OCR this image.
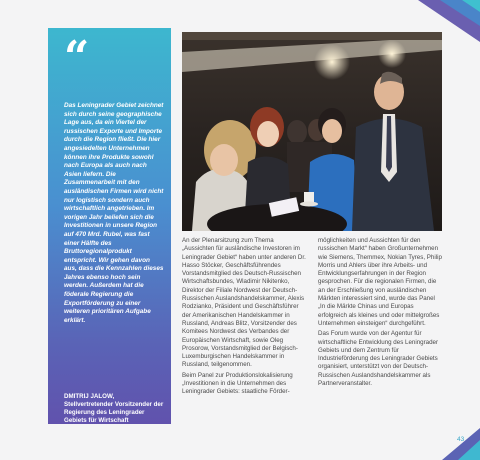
“
Das Leningrader Gebiet zeichnet sich durch seine geographische Lage aus, da ein Viertel der russischen Exporte und Importe durch die Region fließt. Die hier angesiedelten Unternehmen können ihre Produkte sowohl nach Europa als auch nach Asien liefern. Die Zusammenarbeit mit den ausländischen Firmen wird nicht nur logistisch sondern auch wirtschaftlich angetrieben. Im vorigen Jahr beliefen sich die Investitionen in unsere Region auf 470 Mrd. Rubel, was fast einer Hälfte des Bruttoregionalprodukt entspricht. Wir gehen davon aus, dass die Kennzahlen dieses Jahres ebenso hoch sein werden. Außerdem hat die föderale Regierung die Exportförderung zu einer weiteren prioritären Aufgabe erklärt.
DMITRIJ JALOW,
Stellvertretender Vorsitzender der Regierung des Leningrader Gebiets für Wirtschaft

An der Plenarsitzung zum Thema „Aussichten für ausländische Investoren im Leningrader Gebiet“ haben unter anderen Dr. Hasso Stöcker, Geschäftsführendes Vorstandsmitglied des Deutsch-Russischen Wirtschaftsbundes, Wladimir Nikitenko, Direktor der Filiale Nordwest der Deutsch-Russischen Auslandshandelskammer, Alexis Rodzianko, Präsident und Geschäftsführer der Amerikanischen Handelskammer in Russland, Andreas Blitz, Vorsitzender des Komitees Nordwest des Verbandes der Europäischen Wirtschaft, sowie Oleg Prosorow, Vorstandsmitglied der Belgisch-Luxemburgischen Handelskammer in Russland, teilgenommen.

Beim Panel zur Produktionslokalisierung „Investitionen in die Unternehmen des Leningrader Gebiets: staatliche Förder-

möglichkeiten und Aussichten für den russischen Markt“ haben Großunternehmen wie Siemens, Themmex, Nokian Tyres, Philip Morris und Ahlers über ihre Arbeits- und Entwicklungserfahrungen in der Region gesprochen. Für die regionalen Firmen, die an der Erschließung von ausländischen Märkten interessiert sind, wurde das Panel „In die Märkte Chinas und Europas erfolgreich als kleines und oder mittelgroßes Unternehmen einsteigen“ durchgeführt.

Das Forum wurde von der Agentur für wirtschaftliche Entwicklung des Leningrader Gebiets und dem Zentrum für Industrieförderung des Leningrader Gebiets organisiert, unterstützt von der Deutsch-Russischen Auslandshandelskammer als Partnerveranstalter.

43
